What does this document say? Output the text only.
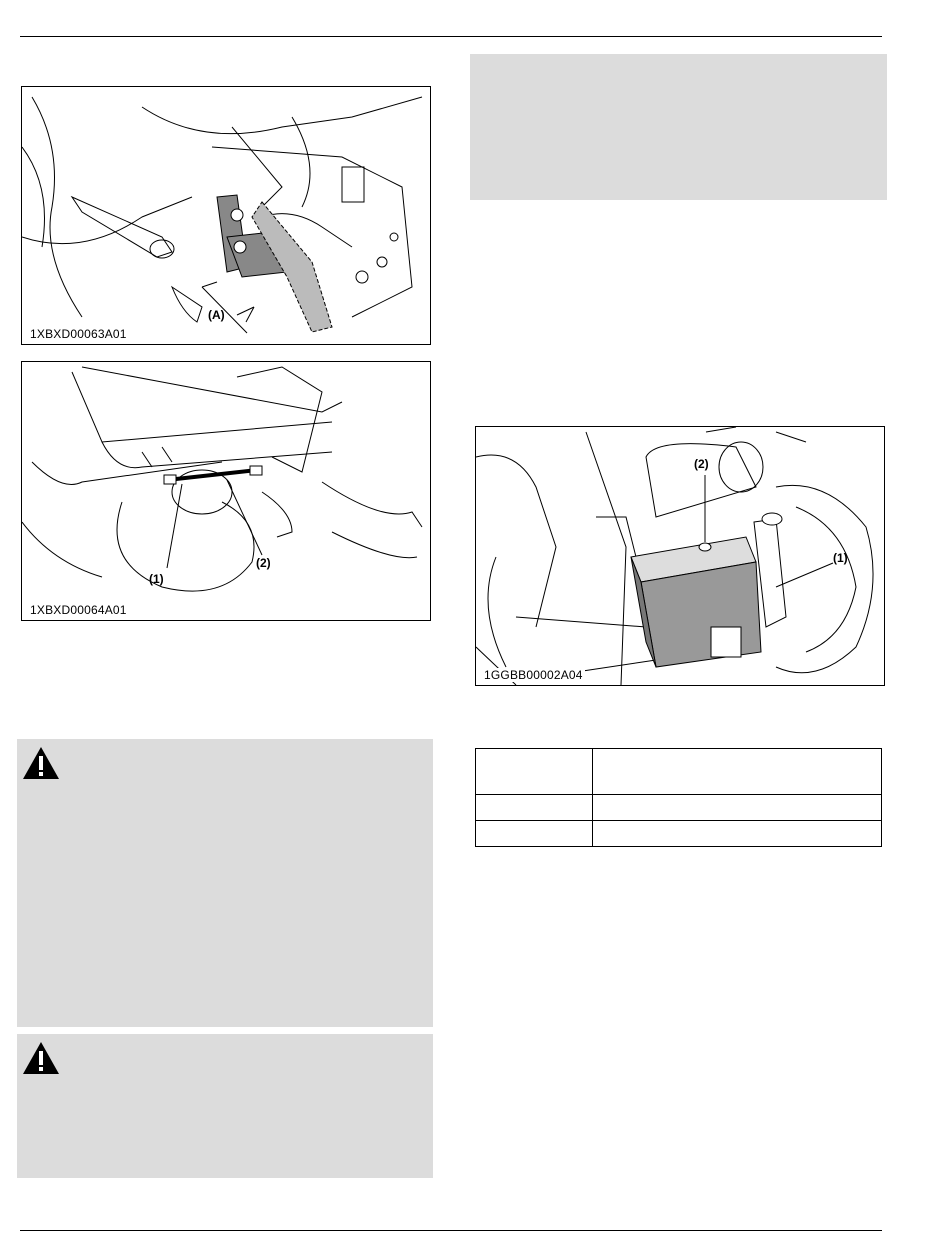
(A)
1XBXD00063A01
(1)
(2)
1XBXD00064A01
(2)
(1)
1GGBB00002A04
